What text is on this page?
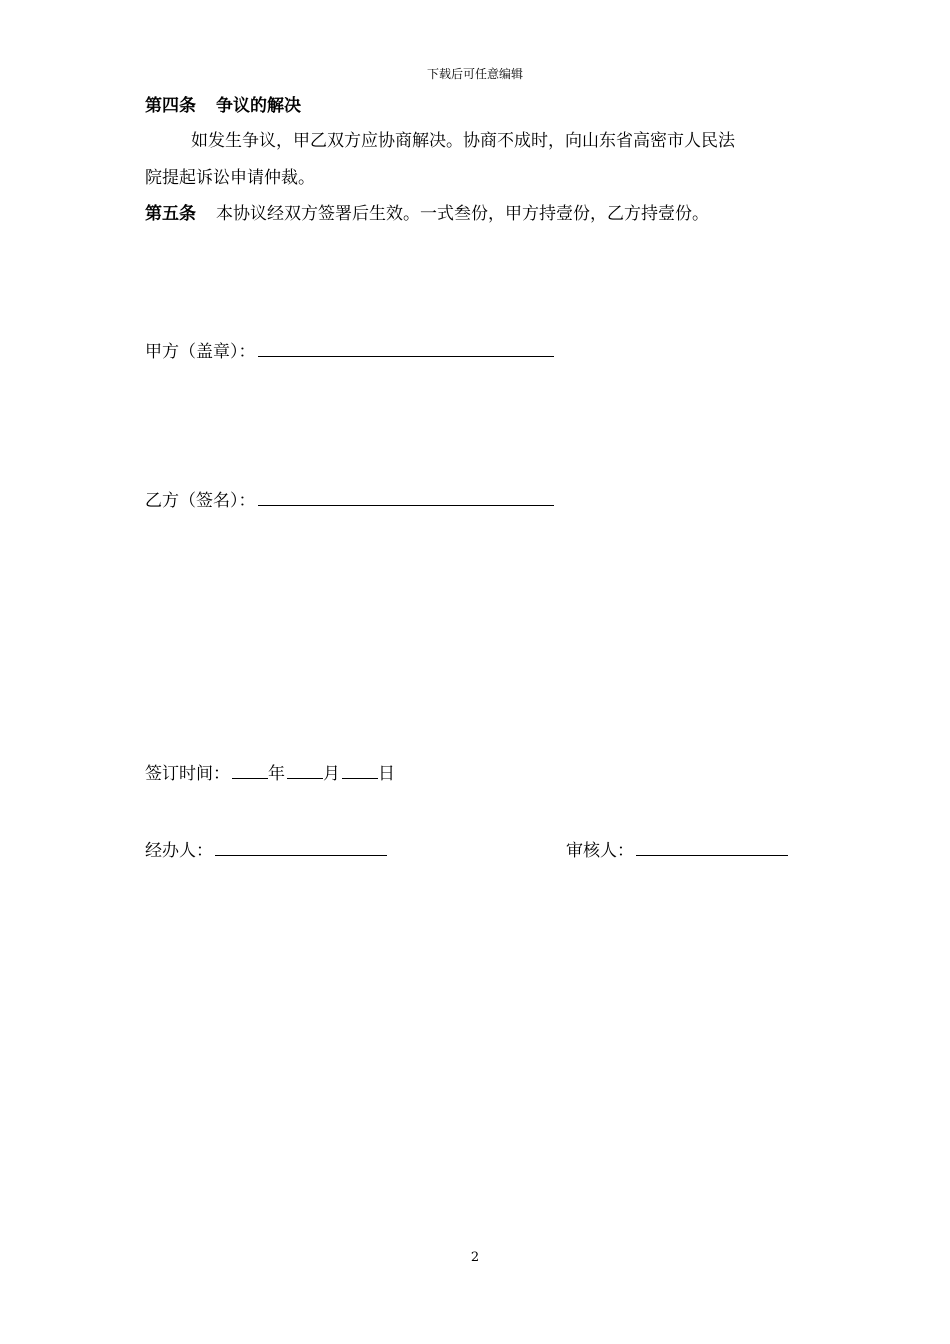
下载后可任意编辑
第四条 争议的解决
如发生争议，甲乙双方应协商解决。协商不成时，向山东省高密市人民法
院提起诉讼申请仲裁。
第五条 本协议经双方签署后生效。一式叁份，甲方持壹份，乙方持壹份。
甲方（盖章）：
乙方（签名）：
签订时间： 年 月 日
经办人：	审核人：
2
